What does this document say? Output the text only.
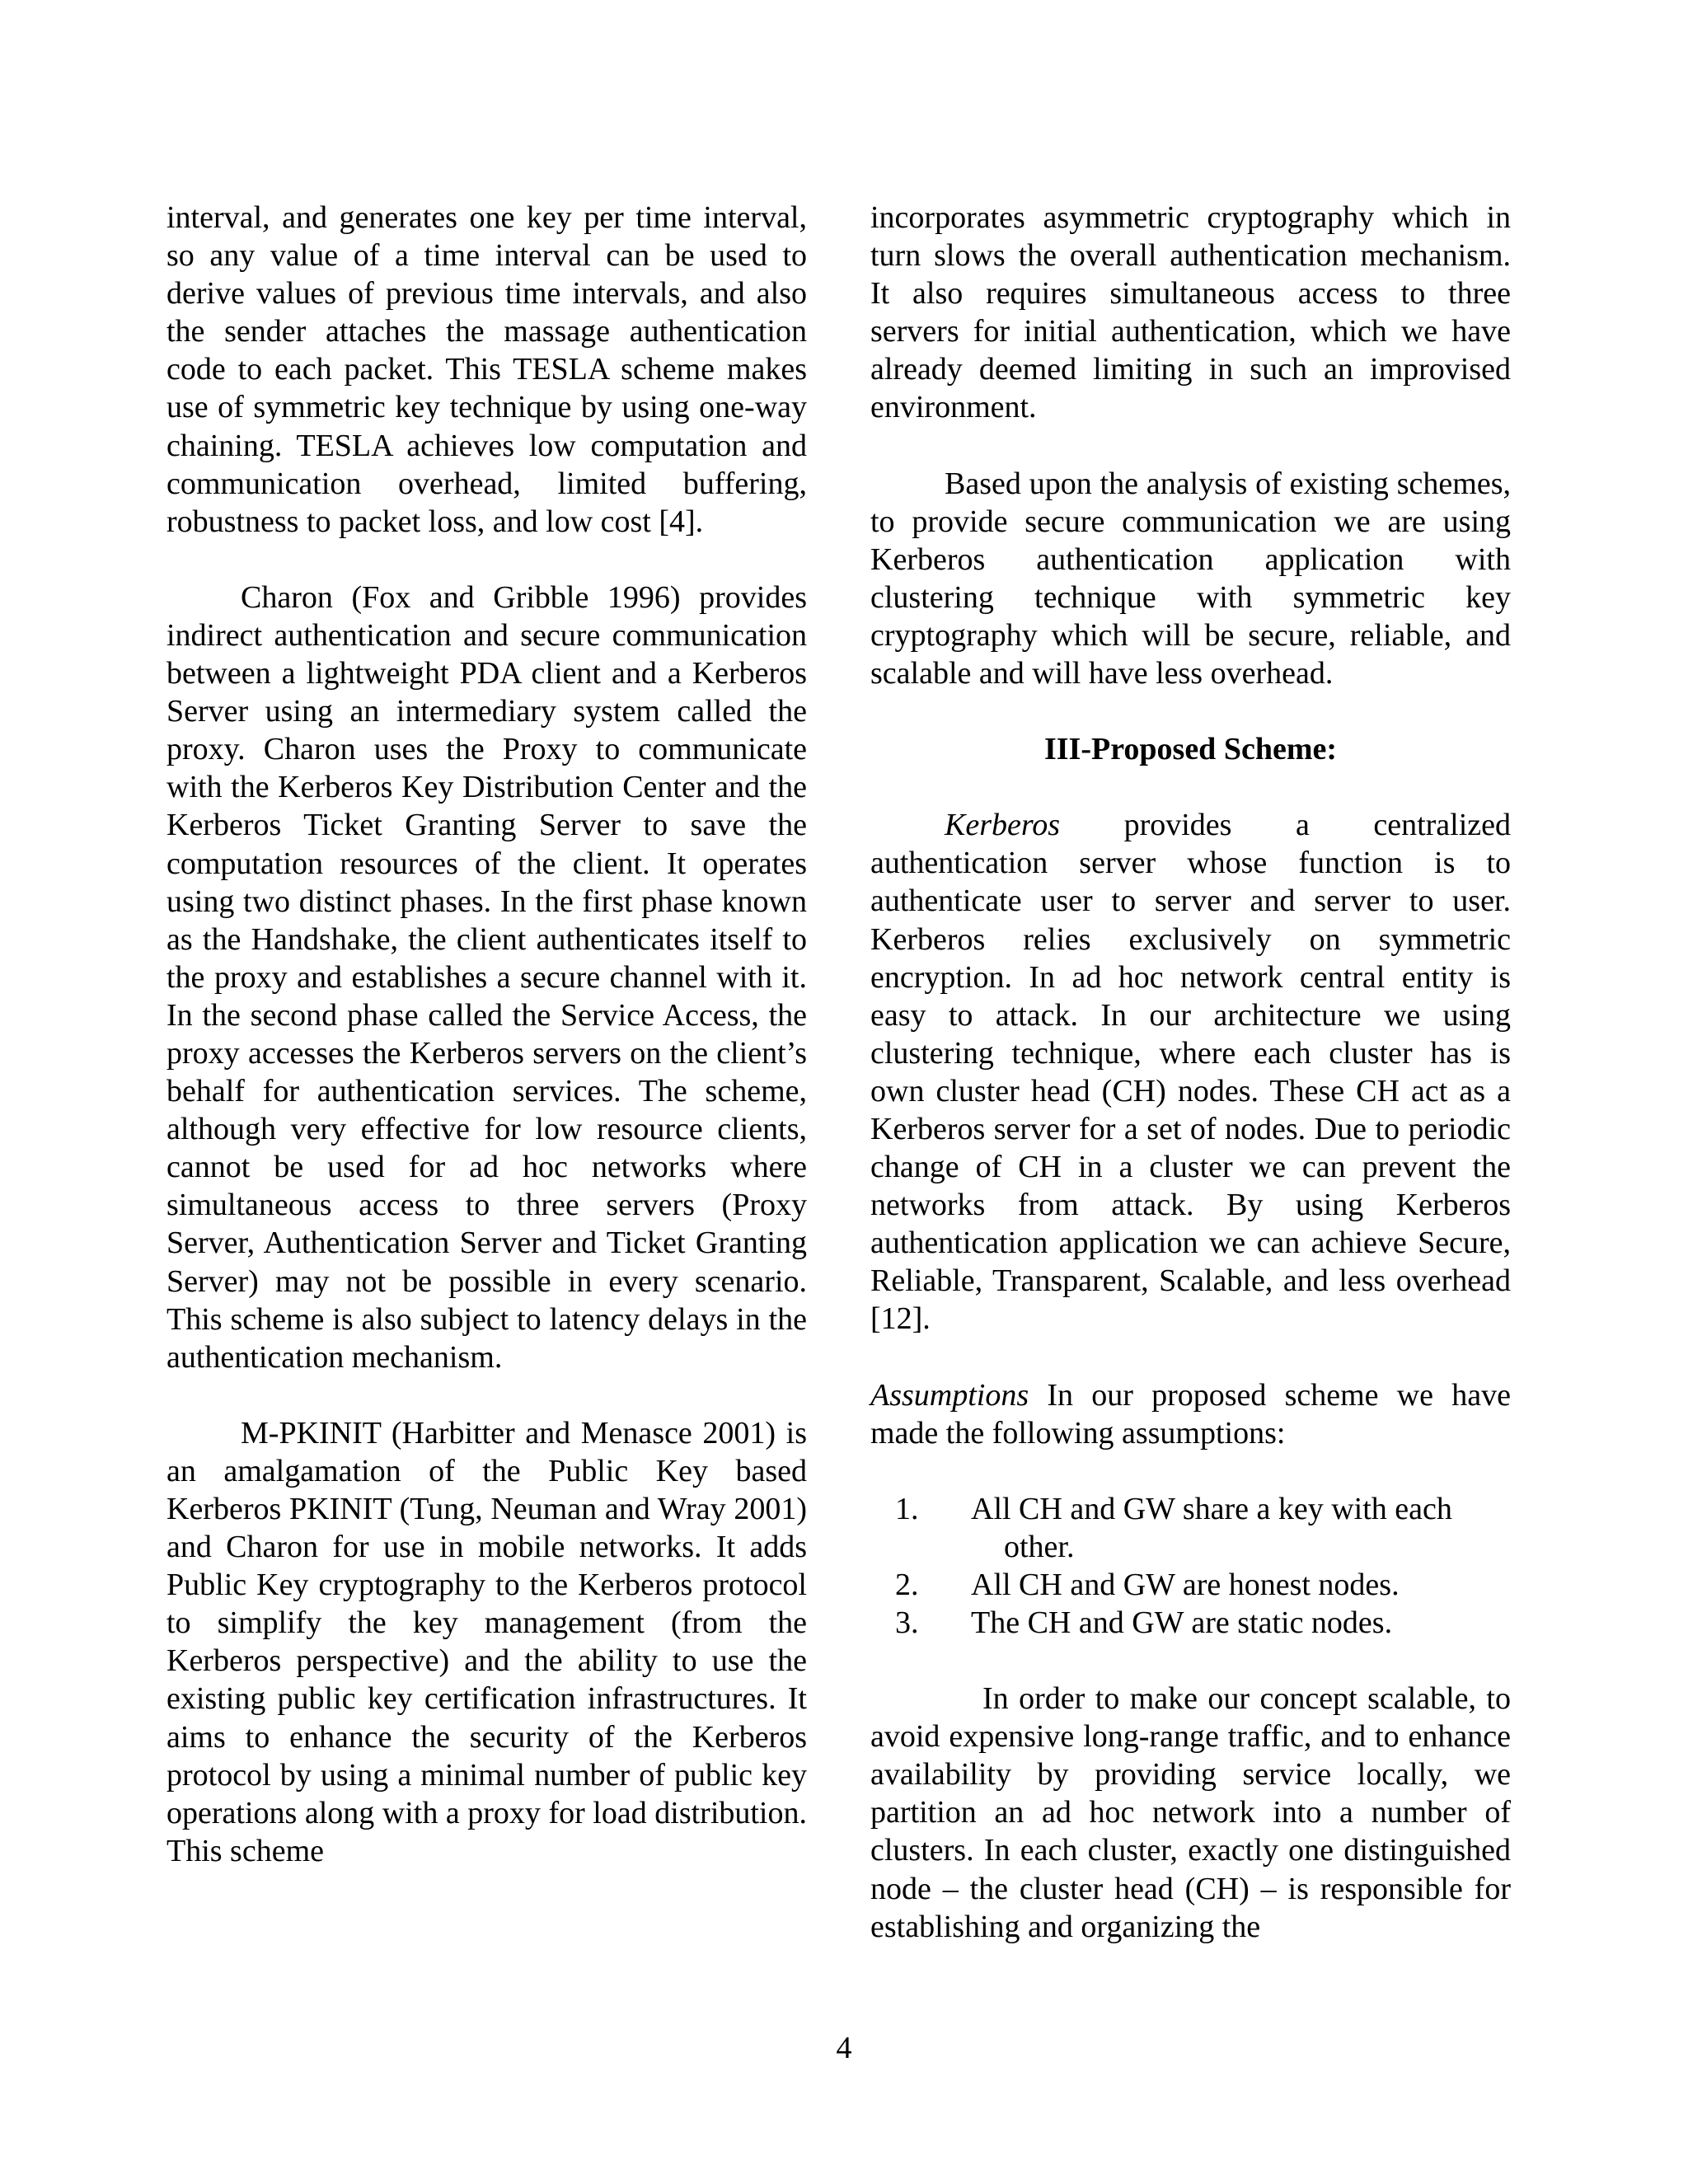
interval, and generates one key per time interval, so any value of a time interval can be used to derive values of previous time intervals, and also the sender attaches the massage authentication code to each packet. This TESLA scheme makes use of symmetric key technique by using one-way chaining. TESLA achieves low computation and communication overhead, limited buffering, robustness to packet loss, and low cost [4].

Charon (Fox and Gribble 1996) provides indirect authentication and secure communication between a lightweight PDA client and a Kerberos Server using an intermediary system called the proxy. Charon uses the Proxy to communicate with the Kerberos Key Distribution Center and the Kerberos Ticket Granting Server to save the computation resources of the client. It operates using two distinct phases. In the first phase known as the Handshake, the client authenticates itself to the proxy and establishes a secure channel with it. In the second phase called the Service Access, the proxy accesses the Kerberos servers on the client’s behalf for authentication services. The scheme, although very effective for low resource clients, cannot be used for ad hoc networks where simultaneous access to three servers (Proxy Server, Authentication Server and Ticket Granting Server) may not be possible in every scenario. This scheme is also subject to latency delays in the authentication mechanism.

M-PKINIT (Harbitter and Menasce 2001) is an amalgamation of the Public Key based Kerberos PKINIT (Tung, Neuman and Wray 2001) and Charon for use in mobile networks. It adds Public Key cryptography to the Kerberos protocol to simplify the key management (from the Kerberos perspective) and the ability to use the existing public key certification infrastructures. It aims to enhance the security of the Kerberos protocol by using a minimal number of public key operations along with a proxy for load distribution. This scheme

incorporates asymmetric cryptography which in turn slows the overall authentication mechanism. It also requires simultaneous access to three servers for initial authentication, which we have already deemed limiting in such an improvised environment.

Based upon the analysis of existing schemes, to provide secure communication we are using Kerberos authentication application with clustering technique with symmetric key cryptography which will be secure, reliable, and scalable and will have less overhead.

III-Proposed Scheme:

Kerberos provides a centralized authentication server whose function is to authenticate user to server and server to user. Kerberos relies exclusively on symmetric encryption. In ad hoc network central entity is easy to attack. In our architecture we using clustering technique, where each cluster has is own cluster head (CH) nodes. These CH act as a Kerberos server for a set of nodes. Due to periodic change of CH in a cluster we can prevent the networks from attack. By using Kerberos authentication application we can achieve Secure, Reliable, Transparent, Scalable, and less overhead [12].

Assumptions In our proposed scheme we have made the following assumptions:

1. All CH and GW share a key with each
other.
2. All CH and GW are honest nodes.
3. The CH and GW are static nodes.

In order to make our concept scalable, to avoid expensive long-range traffic, and to enhance availability by providing service locally, we partition an ad hoc network into a number of clusters. In each cluster, exactly one distinguished node – the cluster head (CH) – is responsible for establishing and organizing the

4
